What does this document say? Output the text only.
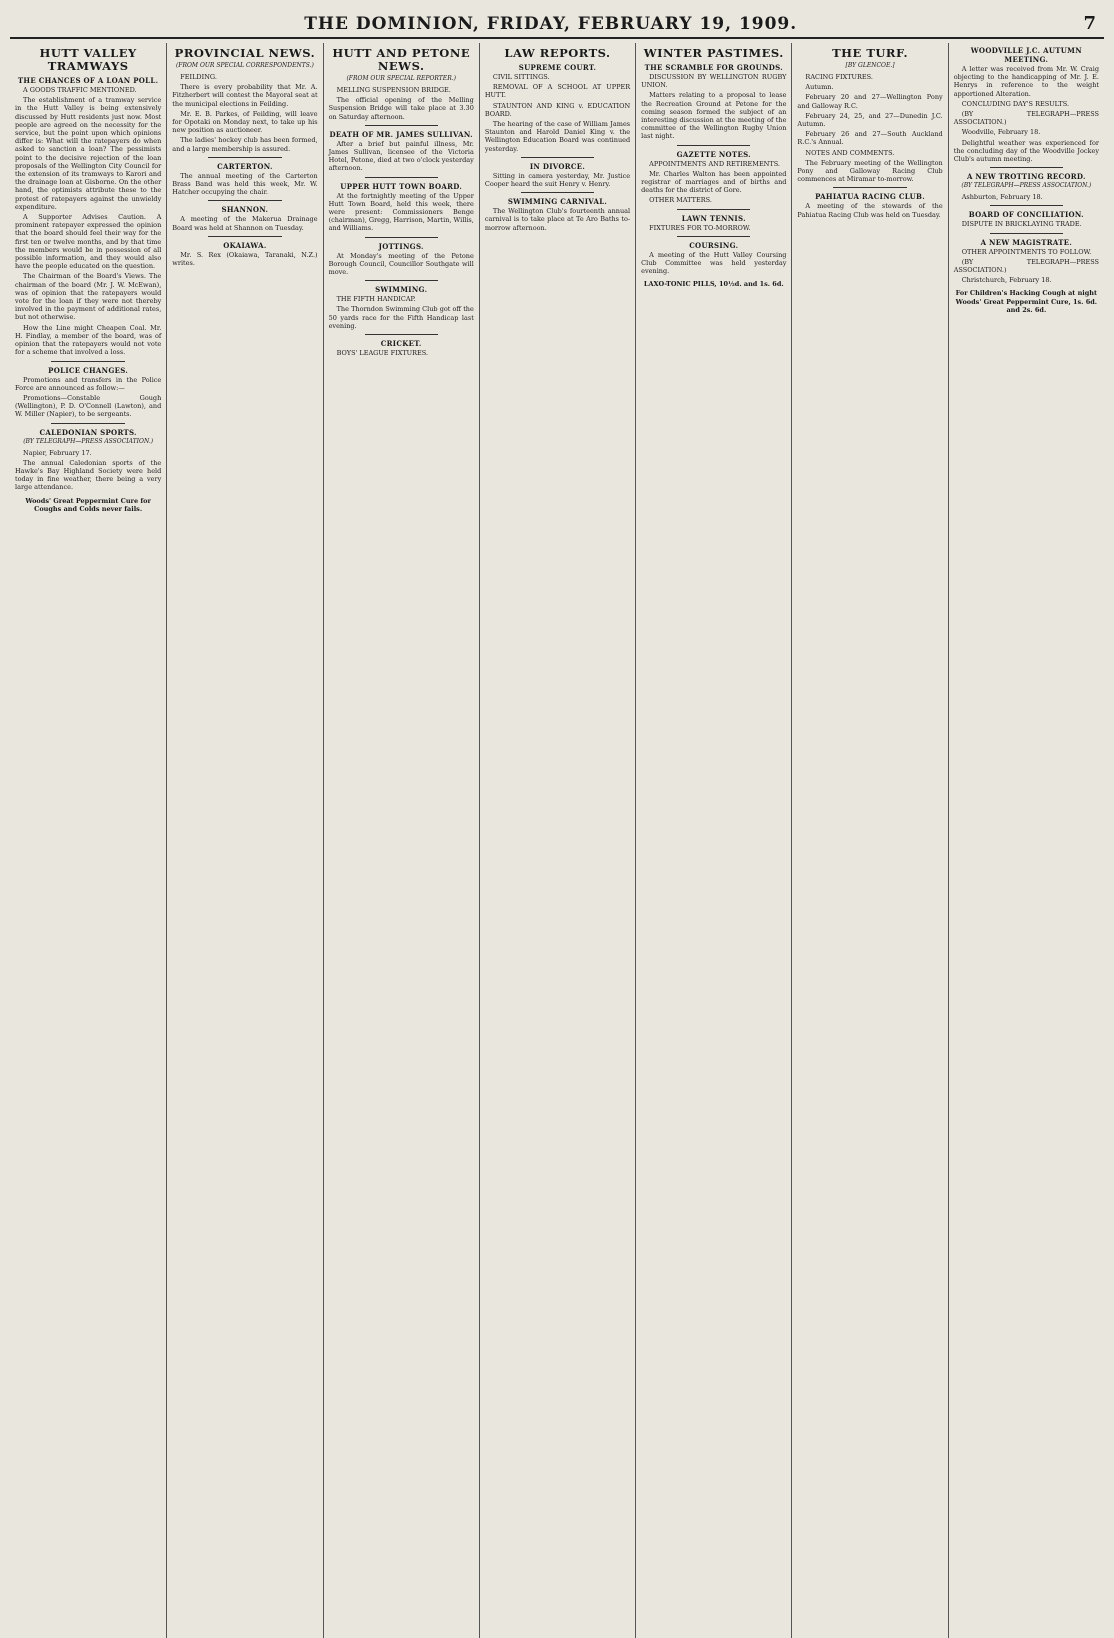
THE DOMINION, FRIDAY, FEBRUARY 19, 1909.	7
HUTT VALLEY TRAMWAYS
THE CHANCES OF A LOAN POLL.

A GOODS TRAFFIC MENTIONED.

The establishment of a tramway service in the Hutt Valley is being extensively discussed by Hutt residents just now. Most people are agreed on the necessity for the service, but the point upon which opinions differ is: What will the ratepayers do when asked to sanction a loan? The pessimists point to the decisive rejection of the loan proposals of the Wellington City Council for the extension of its tramways to Karori and the drainage loan at Gisborne. On the other hand, the optimists attribute these to the protest of ratepayers against the unwieldy expenditure.

A Supporter Advises Caution. A prominent ratepayer expressed the opinion that the board should feel their way for the first ten or twelve months, and by that time the members would be in possession of all possible information, and they would also have the people educated on the question.

The Chairman of the Board's Views. The chairman of the board (Mr. J. W. McEwan), was of opinion that the ratepayers would vote for the loan if they were not thereby involved in the payment of additional rates, but not otherwise.

How the Line might Cheapen Coal. Mr. H. Findlay, a member of the board, was of opinion that the ratepayers would not vote for a scheme that involved a loss.

POLICE CHANGES.

Promotions and transfers in the Police Force are announced as follow:—

Promotions—Constable Gough (Wellington), P. D. O'Connell (Lawton), and W. Miller (Napier), to be sergeants.

CALEDONIAN SPORTS.
(BY TELEGRAPH—PRESS ASSOCIATION.)

Napier, February 17.

The annual Caledonian sports of the Hawke's Bay Highland Society were held today in fine weather, there being a very large attendance.

Woods' Great Peppermint Cure for Coughs and Colds never fails.
PROVINCIAL NEWS.
(FROM OUR SPECIAL CORRESPONDENTS.)

FEILDING.

There is every probability that Mr. A. Fitzherbert will contest the Mayoral seat at the municipal elections in Feilding.

Mr. E. B. Parkes, of Feilding, will leave for Opotaki on Monday next, to take up his new position as auctioneer.

The ladies' hockey club has been formed, and a large membership is assured.

CARTERTON.

The annual meeting of the Carterton Brass Band was held this week, Mr. W. Hatcher occupying the chair.

SHANNON.

A meeting of the Makerua Drainage Board was held at Shannon on Tuesday.

OKAIAWA.

Mr. S. Rex (Okaiawa, Taranaki, N.Z.) writes.

HUTT AND PETONE NEWS.
(FROM OUR SPECIAL REPORTER.)

MELLING SUSPENSION BRIDGE.

The official opening of the Melling Suspension Bridge will take place at 3.30 on Saturday afternoon.

DEATH OF MR. JAMES SULLIVAN.

After a brief but painful illness, Mr. James Sullivan, licensee of the Victoria Hotel, Petone, died at two o'clock yesterday afternoon.

UPPER HUTT TOWN BOARD.

At the fortnightly meeting of the Upper Hutt Town Board, held this week, there were present: Commissioners Benge (chairman), Gregg, Harrison, Martin, Willis, and Williams.

JOTTINGS.

At Monday's meeting of the Petone Borough Council, Councillor Southgate will move.

SWIMMING.

THE FIFTH HANDICAP.

The Thorndon Swimming Club got off the 50 yards race for the Fifth Handicap last evening.

CRICKET.

BOYS' LEAGUE FIXTURES.

LAW REPORTS.
SUPREME COURT.

CIVIL SITTINGS.

REMOVAL OF A SCHOOL AT UPPER HUTT.

STAUNTON AND KING v. EDUCATION BOARD.

The hearing of the case of William James Staunton and Harold Daniel King v. the Wellington Education Board was continued yesterday.

IN DIVORCE.

Sitting in camera yesterday, Mr. Justice Cooper heard the suit Henry v. Henry.

SWIMMING CARNIVAL.

The Wellington Club's fourteenth annual carnival is to take place at Te Aro Baths to-morrow afternoon.

WINTER PASTIMES.
THE SCRAMBLE FOR GROUNDS.

DISCUSSION BY WELLINGTON RUGBY UNION.

Matters relating to a proposal to lease the Recreation Ground at Petone for the coming season formed the subject of an interesting discussion at the meeting of the committee of the Wellington Rugby Union last night.

GAZETTE NOTES.

APPOINTMENTS AND RETIREMENTS.

Mr. Charles Walton has been appointed registrar of marriages and of births and deaths for the district of Gore.

OTHER MATTERS.

LAWN TENNIS.

FIXTURES FOR TO-MORROW.

COURSING.

A meeting of the Hutt Valley Coursing Club Committee was held yesterday evening.

LAXO-TONIC PILLS, 10½d. and 1s. 6d.
THE TURF.
[BY GLENCOE.]

RACING FIXTURES.

Autumn.

February 20 and 27—Wellington Pony and Galloway R.C.

February 24, 25, and 27—Dunedin J.C. Autumn.

February 26 and 27—South Auckland R.C.'s Annual.

NOTES AND COMMENTS.

The February meeting of the Wellington Pony and Galloway Racing Club commences at Miramar to-morrow.

PAHIATUA RACING CLUB.

A meeting of the stewards of the Pahiatua Racing Club was held on Tuesday.

WOODVILLE J.C. AUTUMN MEETING.

A letter was received from Mr. W. Craig objecting to the handicapping of Mr. J. E. Henrys in reference to the weight apportioned Alteration.

CONCLUDING DAY'S RESULTS.

(BY TELEGRAPH—PRESS ASSOCIATION.)

Woodville, February 18.

Delightful weather was experienced for the concluding day of the Woodville Jockey Club's autumn meeting.

A NEW TROTTING RECORD.
(BY TELEGRAPH—PRESS ASSOCIATION.)

Ashburton, February 18.

BOARD OF CONCILIATION.

DISPUTE IN BRICKLAYING TRADE.

A NEW MAGISTRATE.

OTHER APPOINTMENTS TO FOLLOW.

(BY TELEGRAPH—PRESS ASSOCIATION.)

Christchurch, February 18.

For Children's Hacking Cough at night Woods' Great Peppermint Cure, 1s. 6d. and 2s. 6d.
